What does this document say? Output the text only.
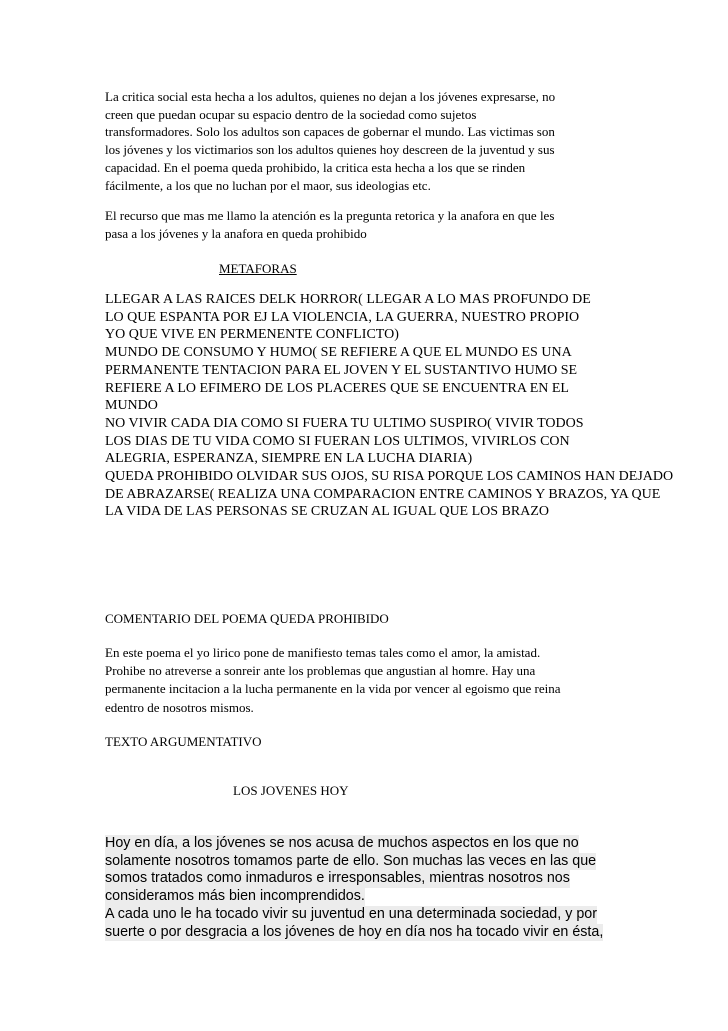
La critica social esta hecha a los adultos, quienes no dejan a los jóvenes expresarse, no
creen que puedan ocupar su espacio dentro de la sociedad como sujetos
transformadores. Solo los adultos son capaces de gobernar el mundo. Las victimas son
los jóvenes y los victimarios son los adultos quienes hoy descreen de la juventud y sus
capacidad. En el poema queda prohibido, la critica esta hecha a los que se rinden
fácilmente, a los que no luchan por el maor, sus ideologias etc.
El recurso que mas me llamo la atención es la pregunta retorica y la anafora en que les
pasa a los jóvenes y la anafora en queda prohibido
METAFORAS
LLEGAR A LAS RAICES DELK HORROR( LLEGAR A LO MAS PROFUNDO DE
LO QUE ESPANTA POR EJ LA VIOLENCIA, LA GUERRA, NUESTRO PROPIO
YO QUE VIVE EN PERMENENTE CONFLICTO)
MUNDO DE CONSUMO Y HUMO( SE REFIERE A QUE EL MUNDO ES UNA
PERMANENTE TENTACION PARA EL JOVEN Y EL SUSTANTIVO HUMO SE
REFIERE A LO EFIMERO DE LOS PLACERES QUE SE ENCUENTRA EN EL
MUNDO
NO VIVIR CADA DIA COMO SI FUERA TU ULTIMO SUSPIRO( VIVIR TODOS
LOS DIAS DE TU VIDA COMO SI FUERAN LOS ULTIMOS, VIVIRLOS CON
ALEGRIA, ESPERANZA, SIEMPRE EN LA LUCHA DIARIA)
QUEDA PROHIBIDO OLVIDAR SUS OJOS, SU RISA PORQUE LOS CAMINOS HAN DEJADO
DE ABRAZARSE( REALIZA UNA COMPARACION ENTRE CAMINOS Y BRAZOS, YA QUE
LA VIDA DE LAS PERSONAS SE CRUZAN AL IGUAL QUE LOS BRAZO
COMENTARIO DEL POEMA QUEDA PROHIBIDO
En este poema el yo lirico pone de manifiesto temas tales como el amor, la amistad.
Prohibe no atreverse a sonreir ante los problemas que angustian al homre. Hay una
permanente incitacion a la lucha permanente en la vida por vencer al egoismo que reina
edentro de nosotros mismos.
TEXTO ARGUMENTATIVO
LOS JOVENES HOY
Hoy en día, a los jóvenes se nos acusa de muchos aspectos en los que no
solamente nosotros tomamos parte de ello. Son muchas las veces en las que
somos tratados como inmaduros e irresponsables, mientras nosotros nos
consideramos más bien incomprendidos.
A cada uno le ha tocado vivir su juventud en una determinada sociedad, y por
suerte o por desgracia a los jóvenes de hoy en día nos ha tocado vivir en ésta,
